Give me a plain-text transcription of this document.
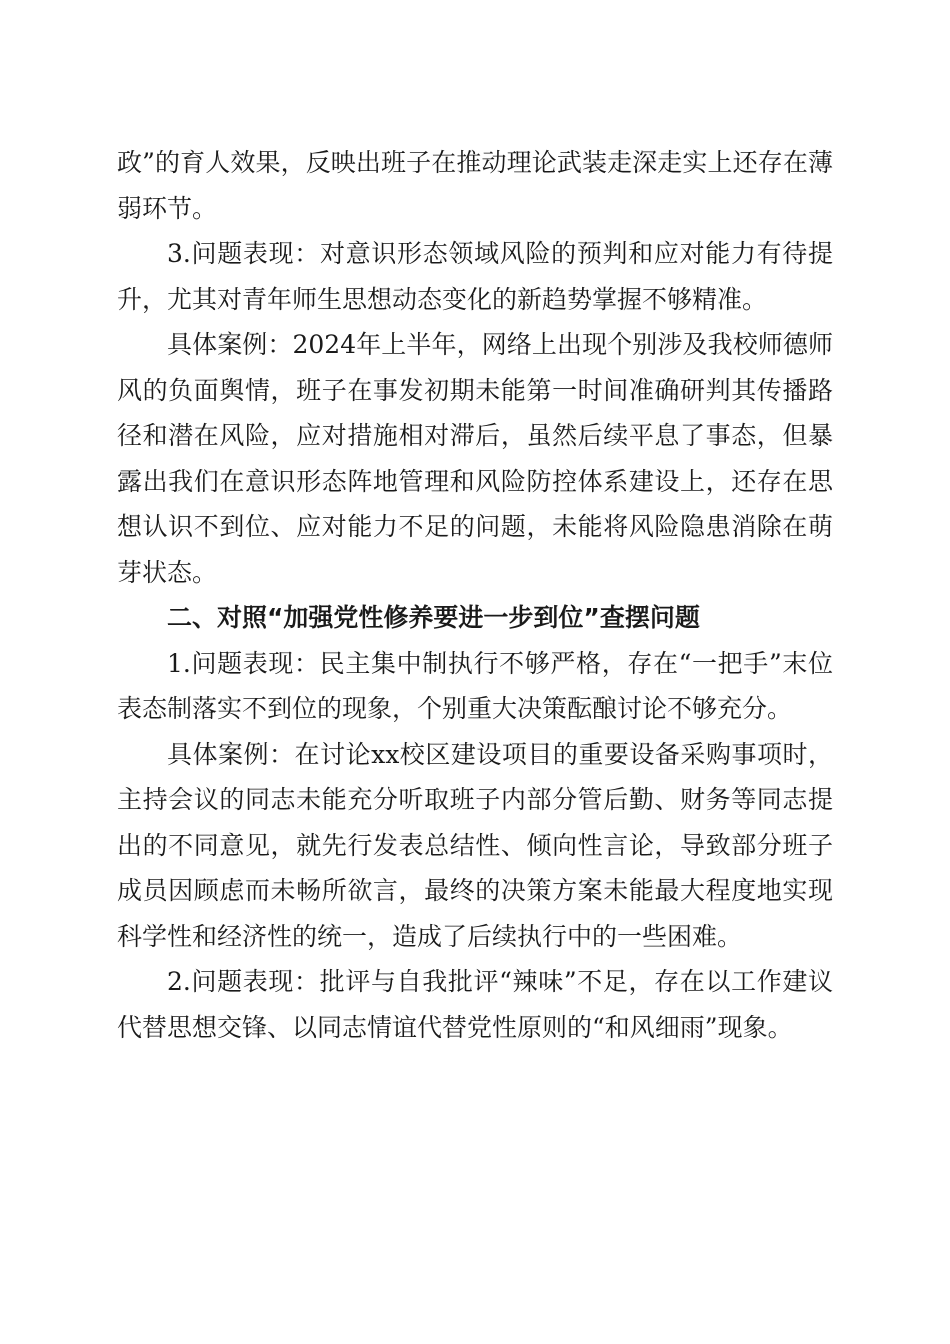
政”的育人效果，反映出班子在推动理论武装走深走实上还存在薄弱环节。

3.问题表现：对意识形态领域风险的预判和应对能力有待提升，尤其对青年师生思想动态变化的新趋势掌握不够精准。

具体案例：2024年上半年，网络上出现个别涉及我校师德师风的负面舆情，班子在事发初期未能第一时间准确研判其传播路径和潜在风险，应对措施相对滞后，虽然后续平息了事态，但暴露出我们在意识形态阵地管理和风险防控体系建设上，还存在思想认识不到位、应对能力不足的问题，未能将风险隐患消除在萌芽状态。

二、对照“加强党性修养要进一步到位”查摆问题

1.问题表现：民主集中制执行不够严格，存在“一把手”末位表态制落实不到位的现象，个别重大决策酝酿讨论不够充分。

具体案例：在讨论xx校区建设项目的重要设备采购事项时，主持会议的同志未能充分听取班子内部分管后勤、财务等同志提出的不同意见，就先行发表总结性、倾向性言论，导致部分班子成员因顾虑而未畅所欲言，最终的决策方案未能最大程度地实现科学性和经济性的统一，造成了后续执行中的一些困难。

2.问题表现：批评与自我批评“辣味”不足，存在以工作建议代替思想交锋、以同志情谊代替党性原则的“和风细雨”现象。
